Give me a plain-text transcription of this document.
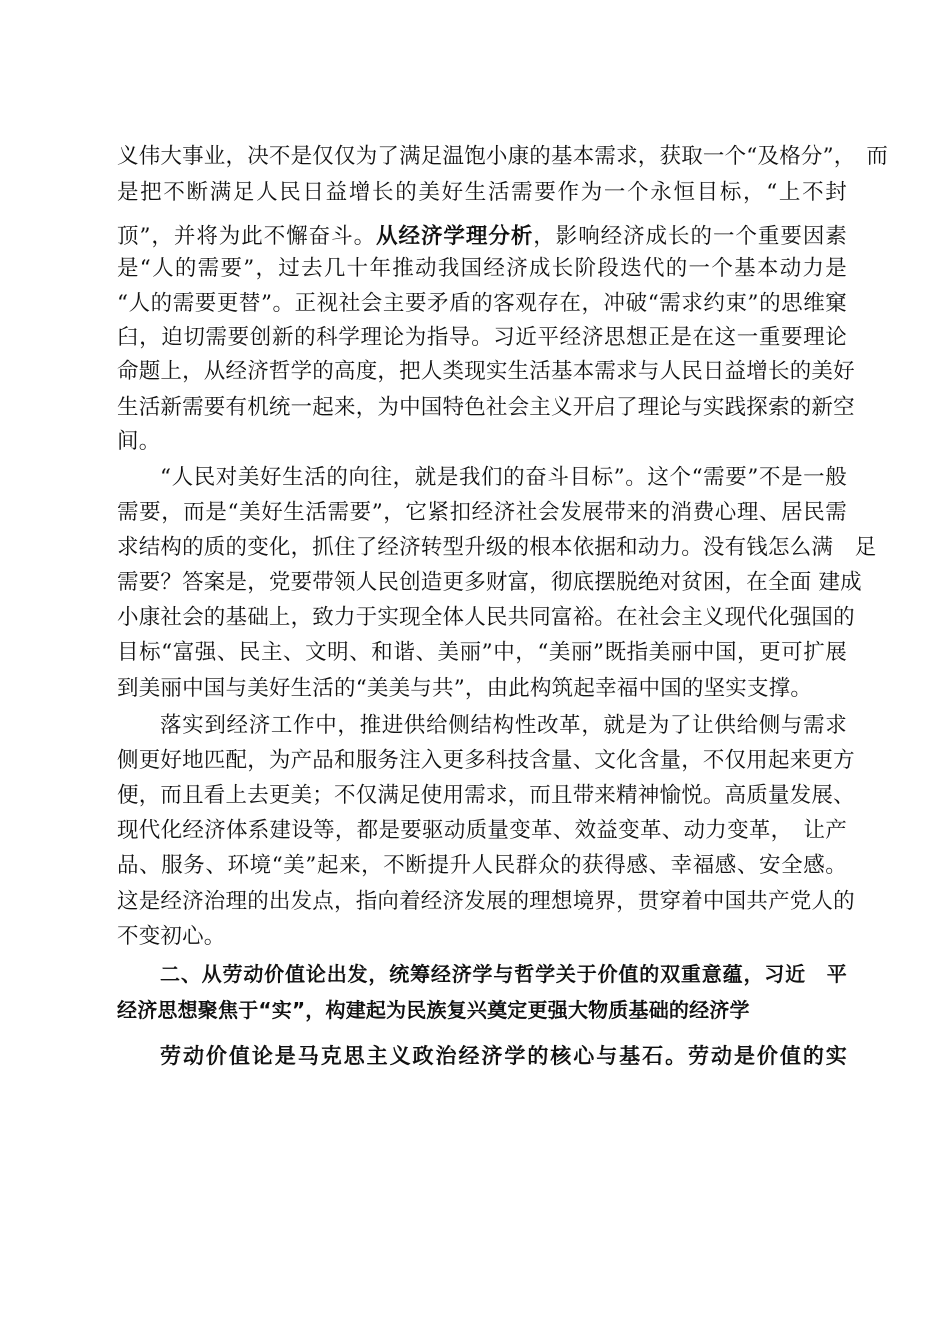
义伟大事业，决不是仅仅为了满足温饱小康的基本需求，获取一个“及格分”，　而
是把不断满足人民日益增长的美好生活需要作为一个永恒目标，“上不封
顶”，并将为此不懈奋斗。从经济学理分析，影响经济成长的一个重要因素
是“人的需要”，过去几十年推动我国经济成长阶段迭代的一个基本动力是
“人的需要更替”。正视社会主要矛盾的客观存在，冲破“需求约束”的思维窠
臼，迫切需要创新的科学理论为指导。习近平经济思想正是在这一重要理论
命题上，从经济哲学的高度，把人类现实生活基本需求与人民日益增长的美好
生活新需要有机统一起来，为中国特色社会主义开启了理论与实践探索的新空
间。
“人民对美好生活的向往，就是我们的奋斗目标”。这个“需要”不是一般
需要，而是“美好生活需要”，它紧扣经济社会发展带来的消费心理、居民需
求结构的质的变化，抓住了经济转型升级的根本依据和动力。没有钱怎么满　足
需要？答案是，党要带领人民创造更多财富，彻底摆脱绝对贫困，在全面 建成
小康社会的基础上，致力于实现全体人民共同富裕。在社会主义现代化强国的
目标“富强、民主、文明、和谐、美丽”中，“美丽”既指美丽中国，更可扩展
到美丽中国与美好生活的“美美与共”，由此构筑起幸福中国的坚实支撑。
落实到经济工作中，推进供给侧结构性改革，就是为了让供给侧与需求
侧更好地匹配，为产品和服务注入更多科技含量、文化含量，不仅用起来更方
便，而且看上去更美；不仅满足使用需求，而且带来精神愉悦。高质量发展、
现代化经济体系建设等，都是要驱动质量变革、效益变革、动力变革，　让产
品、服务、环境“美”起来，不断提升人民群众的获得感、幸福感、安全感。
这是经济治理的出发点，指向着经济发展的理想境界，贯穿着中国共产党人的
不变初心。
二、从劳动价值论出发，统筹经济学与哲学关于价值的双重意蕴，习近　平
经济思想聚焦于“实”，构建起为民族复兴奠定更强大物质基础的经济学
劳动价值论是马克思主义政治经济学的核心与基石。劳动是价值的实
